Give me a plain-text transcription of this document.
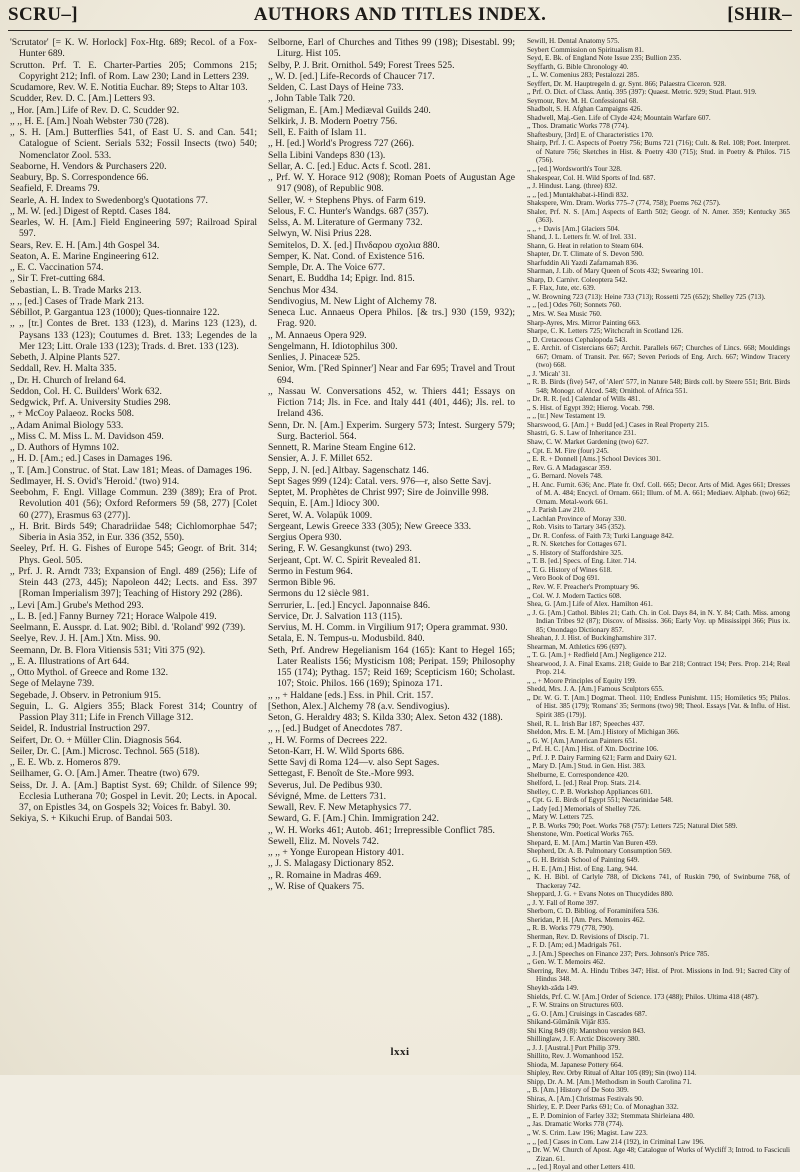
SCRU–]	AUTHORS AND TITLES INDEX.	[SHIR–

'Scrutator' [= K. W. Horlock] Fox-Htg. 689; Recol. of a Fox-Hunter 689.

Scrutton. Prf. T. E. Charter-Parties 205; Commons 215; Copyright 212; Infl. of Rom. Law 230; Land in Letters 239.

Scudamore, Rev. W. E. Notitia Euchar. 89; Steps to Altar 103.

Scudder, Rev. D. C. [Am.] Letters 93.

,, Hor. [Am.] Life of Rev. D. C. Scudder 92.

,, ,, H. E. [Am.] Noah Webster 730 (728).

,, S. H. [Am.] Butterflies 541, of East U. S. and Can. 541; Catalogue of Scient. Serials 532; Fossil Insects (two) 540; Nomenclator Zool. 533.

Seaborne, H. Vendors & Purchasers 220.

Seabury, Bp. S. Correspondence 66.

Seafield, F. Dreams 79.

Searle, A. H. Index to Swedenborg's Quotations 77.

,, M. W. [ed.] Digest of Reptd. Cases 184.

Searles, W. H. [Am.] Field Engineering 597; Railroad Spiral 597.

Sears, Rev. E. H. [Am.] 4th Gospel 34.

Seaton, A. E. Marine Engineering 612.

,, E. C. Vaccination 574.

,, Sir T. Fret-cutting 684.

Sebastian, L. B. Trade Marks 213.

,, ,, [ed.] Cases of Trade Mark 213.

Sébillot, P. Gargantua 123 (1000); Ques-tionnaire 122.

,, ,, [tr.] Contes de Bret. 133 (123), d. Marins 123 (123), d. Paysans 133 (123); Coutumes d. Bret. 133; Legendes de la Mer 123; Litt. Orale 133 (123); Trads. d. Bret. 133 (123).

Sebeth, J. Alpine Plants 527.

Seddall, Rev. H. Malta 335.

,, Dr. H. Church of Ireland 64.

Seddon, Col. H. C. Builders' Work 632.

Sedgwick, Prf. A. University Studies 298.

,, + McCoy Palaeoz. Rocks 508.

,, Adam Animal Biology 533.

,, Miss C. M. Miss L. M. Davidson 459.

,, D. Authors of Hymns 102.

,, H. D. [Am.; ed.] Cases in Damages 196.

,, T. [Am.] Construc. of Stat. Law 181; Meas. of Damages 196.

Sedlmayer, H. S. Ovid's 'Heroid.' (two) 914.

Seebohm, F. Engl. Village Commun. 239 (389); Era of Prot. Revolution 401 (56); Oxford Reformers 59 (58, 277) [Colet 60 (277), Erasmus 63 (277)].

,, H. Brit. Birds 549; Charadriidae 548; Cichlomorphae 547; Siberia in Asia 352, in Eur. 336 (352, 550).

Seeley, Prf. H. G. Fishes of Europe 545; Geogr. of Brit. 314; Phys. Geol. 505.

,, Prf. J. R. Arndt 733; Expansion of Engl. 489 (256); Life of Stein 443 (273, 445); Napoleon 442; Lects. and Ess. 397 [Roman Imperialism 397]; Teaching of History 292 (286).

,, Levi [Am.] Grube's Method 293.

,, L. B. [ed.] Fanny Burney 721; Horace Walpole 419.

Seelmann, E. Ausspr. d. Lat. 902; Bibl. d. 'Roland' 992 (739).

Seelye, Rev. J. H. [Am.] Xtn. Miss. 90.

Seemann, Dr. B. Flora Vitiensis 531; Viti 375 (92).

,, E. A. Illustrations of Art 644.

,, Otto Mythol. of Greece and Rome 132.

Sege of Melayne 739.

Segebade, J. Observ. in Petronium 915.

Seguin, L. G. Algiers 355; Black Forest 314; Country of Passion Play 311; Life in French Village 312.

Seidel, R. Industrial Instruction 297.

Seifert, Dr. O. + Müller Clin. Diagnosis 564.

Seiler, Dr. C. [Am.] Microsc. Technol. 565 (518).

,, E. E. Wb. z. Homeros 879.

Seilhamer, G. O. [Am.] Amer. Theatre (two) 679.

Seiss, Dr. J. A. [Am.] Baptist Syst. 69; Childr. of Silence 99; Ecclesia Lutherana 70; Gospel in Levit. 20; Lects. in Apocal. 37, on Epistles 34, on Gospels 32; Voices fr. Babyl. 30.

Sekiya, S. + Kikuchi Erup. of Bandai 503.

Selborne, Earl of Churches and Tithes 99 (198); Disestabl. 99; Liturg. Hist 105.

Selby, P. J. Brit. Ornithol. 549; Forest Trees 525.

,, W. D. [ed.] Life-Records of Chaucer 717.

Selden, C. Last Days of Heine 733.

,, John Table Talk 720.

Seligman, E. [Am.] Mediæval Guilds 240.

Selkirk, J. B. Modern Poetry 756.

Sell, E. Faith of Islam 11.

,, H. [ed.] World's Progress 727 (266).

Sella Libini Vandeps 830 (13).

Sellar, A. C. [ed.] Educ. Acts f. Scotl. 281.

,, Prf. W. Y. Horace 912 (908); Roman Poets of Augustan Age 917 (908), of Republic 908.

Seller, W. + Stephens Phys. of Farm 619.

Selous, F. C. Hunter's Wandgs. 687 (357).

Selss, A. M. Literature of Germany 732.

Selwyn, W. Nisi Prius 228.

Semitelos, D. X. [ed.] Πινδαρου σχολια 880.

Semper, K. Nat. Cond. of Existence 516.

Semple, Dr. A. The Voice 677.

Senart, E. Buddha 14; Epigr. Ind. 815.

Senchus Mor 434.

Sendivogius, M. New Light of Alchemy 78.

Seneca Luc. Annaeus Opera Philos. [& trs.] 930 (159, 932); Frag. 920.

,, M. Annaeus Opera 929.

Sengelmann, H. Idiotophilus 300.

Senlies, J. Pinaceæ 525.

Senior, Wm. ['Red Spinner'] Near and Far 695; Travel and Trout 694.

,, Nassau W. Conversations 452, w. Thiers 441; Essays on Fiction 714; Jls. in Fce. and Italy 441 (401, 446); Jls. rel. to Ireland 436.

Senn, Dr. N. [Am.] Experim. Surgery 573; Intest. Surgery 579; Surg. Bacteriol. 564.

Sennett, R. Marine Steam Engine 612.

Sensier, A. J. F. Millet 652.

Sepp, J. N. [ed.] Altbay. Sagenschatz 146.

Sept Sages 999 (124): Catal. vers. 976—r, also Sette Savj.

Septet, M. Prophètes de Christ 997; Sire de Joinville 998.

Sequin, E. [Am.] Idiocy 300.

Seret, W. A. Volapük 1009.

Sergeant, Lewis Greece 333 (305); New Greece 333.

Sergius Opera 930.

Sering, F. W. Gesangkunst (two) 293.

Serjeant, Cpt. W. C. Spirit Revealed 81.

Sermo in Festum 964.

Sermon Bible 96.

Sermons du 12 siècle 981.

Serrurier, L. [ed.] Encycl. Japonnaise 846.

Service, Dr. J. Salvation 113 (115).

Servius, M. H. Comm. in Virgilium 917; Opera grammat. 930.

Setala, E. N. Tempus-u. Modusbild. 840.

Seth, Prf. Andrew Hegelianism 164 (165): Kant to Hegel 165; Later Realists 156; Mysticism 108; Peripat. 159; Philosophy 155 (174); Pythag. 157; Reid 169; Scepticism 160; Scholast. 107; Stoic. Philos. 166 (169); Spinoza 171.

,, ,, + Haldane [eds.] Ess. in Phil. Crit. 157.

[Sethon, Alex.] Alchemy 78 (a.v. Sendivogius).

Seton, G. Heraldry 483; S. Kilda 330; Alex. Seton 432 (188).

,, ,, [ed.] Budget of Anecdotes 787.

,, H. W. Forms of Decrees 222.

Seton-Karr, H. W. Wild Sports 686.

Sette Savj di Roma 124—v. also Sept Sages.

Settegast, F. Benoît de Ste.-More 993.

Severus, Jul. De Pedibus 930.

Sévigné, Mme. de Letters 731.

Sewall, Rev. F. New Metaphysics 77.

Seward, G. F. [Am.] Chin. Immigration 242.

,, W. H. Works 461; Autob. 461; Irrepressible Conflict 785.

Sewell, Eliz. M. Novels 742.

,, ,, + Yonge European History 401.

,, J. S. Malagasy Dictionary 852.

,, R. Romaine in Madras 469.

,, W. Rise of Quakers 75.

Sewill, H. Dental Anatomy 575.

Seybert Commission on Spiritualism 81.

Seyd, E. Bk. of England Note Issue 235; Bullion 235.

Seyffarth, G. Bible Chronology 40.

,, L. W. Comenius 283; Pestalozzi 285.

Seyffert, Dr. M. Hauptregeln d. gr. Synt. 866; Palaestra Ciceron. 928.

,, Prf. O. Dict. of Class. Antiq. 395 (397): Quaest. Metric. 929; Stud. Plaut. 919.

Seymour, Rev. M. H. Confessional 68.

Shadbolt, S. H. Afghan Campaigns 426.

Shadwell, Maj.-Gen. Life of Clyde 424; Mountain Warfare 607.

,, Thos. Dramatic Works 778 (774).

Shaftesbury, [3rd] E. of Characteristics 170.

Shairp, Prf. J. C. Aspects of Poetry 756; Burns 721 (716); Cult. & Rel. 108; Poet. Interpret. of Nature 756; Sketches in Hist. & Poetry 430 (715); Stud. in Poetry & Philos. 715 (756).

,, ,, [ed.] Wordsworth's Tour 328.

Shakespear, Col. H. Wild Sports of Ind. 687.

,, J. Hindust. Lang. (three) 832.

,, ,, [ed.] Muntakhabat-i-Hindi 832.

Shakspere, Wm. Dram. Works 775–7 (774, 758); Poems 762 (757).

Shaler, Prf. N. S. [Am.] Aspects of Earth 502; Geogr. of N. Amer. 359; Kentucky 365 (363).

,, ,, + Davis [Am.] Glaciers 504.

Shand, J. L. Letters fr. W. of Irel. 331.

Shann, G. Heat in relation to Steam 604.

Shapter, Dr. T. Climate of S. Devon 590.

Sharfuddin Ali Yazdi Zafarnamah 836.

Sharman, J. Lib. of Mary Queen of Scots 432; Swearing 101.

Sharp, D. Carnivr. Coleoptera 542.

,, F. Flax, Jute, etc. 639.

,, W. Browning 723 (713): Heine 733 (713); Rossetti 725 (652); Shelley 725 (713).

,, ,, [ed.] Odes 760; Sonnets 760.

,, Mrs. W. Sea Music 760.

Sharp-Ayres, Mrs. Mirror Painting 663.

Sharpe, C. K. Letters 725; Witchcraft in Scotland 126.

,, D. Cretaceous Cephalopoda 543.

,, E. Archit. of Cistercians 667; Archit. Parallels 667; Churches of Lincs. 668; Mouldings 667; Ornam. of Transit. Per. 667; Seven Periods of Eng. Arch. 667; Window Tracery (two) 668.

,, J. 'Micah' 31.

,, R. B. Birds (five) 547, of 'Alert' 577, in Nature 548; Birds coll. by Steere 551; Brit. Birds 548; Monogr. of Alced. 548; Ornithol. of Africa 551.

,, Dr. R. R. [ed.] Calendar of Wills 481.

,, S. Hist. of Egypt 392; Hierog. Vocab. 798.

,, ,, [tr.] New Testament 19.

Sharswood, G. [Am.] + Budd [ed.] Cases in Real Property 215.

Shastri, G. S. Law of Inheritance 231.

Shaw, C. W. Market Gardening (two) 627.

,, Cpt. E. M. Fire (four) 245.

,, E. R. + Donnell [Ams.] School Devices 301.

,, Rev. G. A Madagascar 359.

,, G. Bernard. Novels 748.

,, H. Anc. Furnit. 636; Anc. Plate fr. Oxf. Coll. 665; Decor. Arts of Mid. Ages 661; Dresses of M. A. 484; Encycl. of Ornam. 661; Illum. of M. A. 661; Mediaev. Alphab. (two) 662; Ornam. Metal-work 661.

,, J. Parish Law 210.

,, Lachlan Province of Moray 330.

,, Rob. Visits to Tartary 345 (352).

,, Dr. R. Confess. of Faith 73; Turki Language 842.

,, R. N. Sketches for Cottages 671.

,, S. History of Staffordshire 325.

,, T. B. [ed.] Specs. of Eng. Liter. 714.

,, T. G. History of Wines 618.

,, Vero Book of Dog 691.

,, Rev. W. F. Preacher's Promptuary 96.

,, Col. W. J. Modern Tactics 608.

Shea, G. [Am.] Life of Alex. Hamilton 461.

,, J. G. [Am.] Cathol. Bibles 21; Cath. Ch. in Col. Days 84, in N. Y. 84; Cath. Miss. among Indian Tribes 92 (87); Discov. of Mississ. 366; Early Voy. up Mississippi 366; Pius ix. 85; Onondago Dictionary 857.

Sheahan, J. J. Hist. of Buckinghamshire 317.

Shearman, M. Athletics 696 (697).

,, T. G. [Am.] + Redfield [Am.] Negligence 212.

Shearwood, J. A. Final Exams. 218; Guide to Bar 218; Contract 194; Pers. Prop. 214; Real Prop. 214.

,, ,, + Moore Principles of Equity 199.

Shedd, Mrs. J. A. [Am.] Famous Sculptors 655.

,, Dr. W. G. T. [Am.] Dogmat. Theol. 110; Endless Punishmt. 115; Homiletics 95; Philos. of Hist. 385 (179); 'Romans' 35; Sermons (two) 98; Theol. Essays [Vat. & Influ. of Hist. Spirit 385 (179)].

Sheil, R. L. Irish Bar 187; Speeches 437.

Sheldon, Mrs. E. M. [Am.] History of Michigan 366.

,, G. W. [Am.] American Painters 651.

,, Prf. H. C. [Am.] Hist. of Xtn. Doctrine 106.

,, Prf. J. P. Dairy Farming 621; Farm and Dairy 621.

,, Mary D. [Am.] Stud. in Gen. Hist. 383.

Shelburne, E. Correspondence 420.

Shelford, L. [ed.] Real Prop. Stats. 214.

Shelley, C. P. B. Workshop Appliances 601.

,, Cpt. G. E. Birds of Egypt 551; Nectarinidae 548.

,, Lady [ed.] Memorials of Shelley 726.

,, Mary W. Letters 725.

,, P. B. Works 790; Poet. Works 768 (757): Letters 725; Natural Diet 589.

Shenstone, Wm. Poetical Works 765.

Shepard, E. M. [Am.] Martin Van Buren 459.

Shepherd, Dr. A. B. Pulmonary Consumption 569.

,, G. H. British School of Painting 649.

,, H. E. [Am.] Hist. of Eng. Lang. 944.

,, K. H. Bibl. of Carlyle 788, of Dickens 741, of Ruskin 790, of Swinburne 768, of Thackeray 742.

Sheppard, J. G. + Evans Notes on Thucydides 880.

,, J. Y. Fall of Rome 397.

Sherborn, C. D. Bibliog. of Foraminifera 536.

Sheridan, P. H. [Am. Pers. Memoirs 462.

,, R. B. Works 779 (778, 790).

Sherman, Rev. D. Revisions of Discip. 71.

,, F. D. [Am; ed.] Madrigals 761.

,, J. [Am.] Speeches on Finance 237; Pers. Johnson's Price 785.

,, Gen. W. T. Memoirs 462.

Sherring, Rev. M. A. Hindu Tribes 347; Hist. of Prot. Missions in Ind. 91; Sacred City of Hindus 348.

Sheykh-zâda 149.

Shields, Prf. C. W. [Am.] Order of Science. 173 (488); Philos. Ultima 418 (487).

,, F. W. Strains on Structures 603.

,, G. O. [Am.] Cruisings in Cascades 687.

Shikand-Gûmânik Vijâr 835.

Shi King 849 (8): Mantshou version 843.

Shillinglaw, J. F. Arctic Discovery 380.

,, J. J. [Austral.] Port Philip 379.

Shillito, Rev. J. Womanhood 152.

Shioda, M. Japanese Pottery 664.

Shipley, Rev. Orby Ritual of Altar 105 (89); Sin (two) 114.

Shipp, Dr. A. M. [Am.] Methodism in South Carolina 71.

,, B. [Am.] History of De Soto 309.

Shiras, A. [Am.] Christmas Festivals 90.

Shirley, E. P. Deer Parks 691; Co. of Monaghan 332.

,, E. P. Dominion of Farley 332; Stemmata Shirleiana 480.

,, Jas. Dramatic Works 778 (774).

,, W. S. Crim. Law 196; Magist. Law 223.

,, ,, [ed.] Cases in Com. Law 214 (192), in Criminal Law 196.

,, Dr. W. W. Church of Apost. Age 48; Catalogue of Works of Wycliff 3; Introd. to Fasciculi Zizan. 61.

,, ,, [ed.] Royal and other Letters 410.

lxxi
